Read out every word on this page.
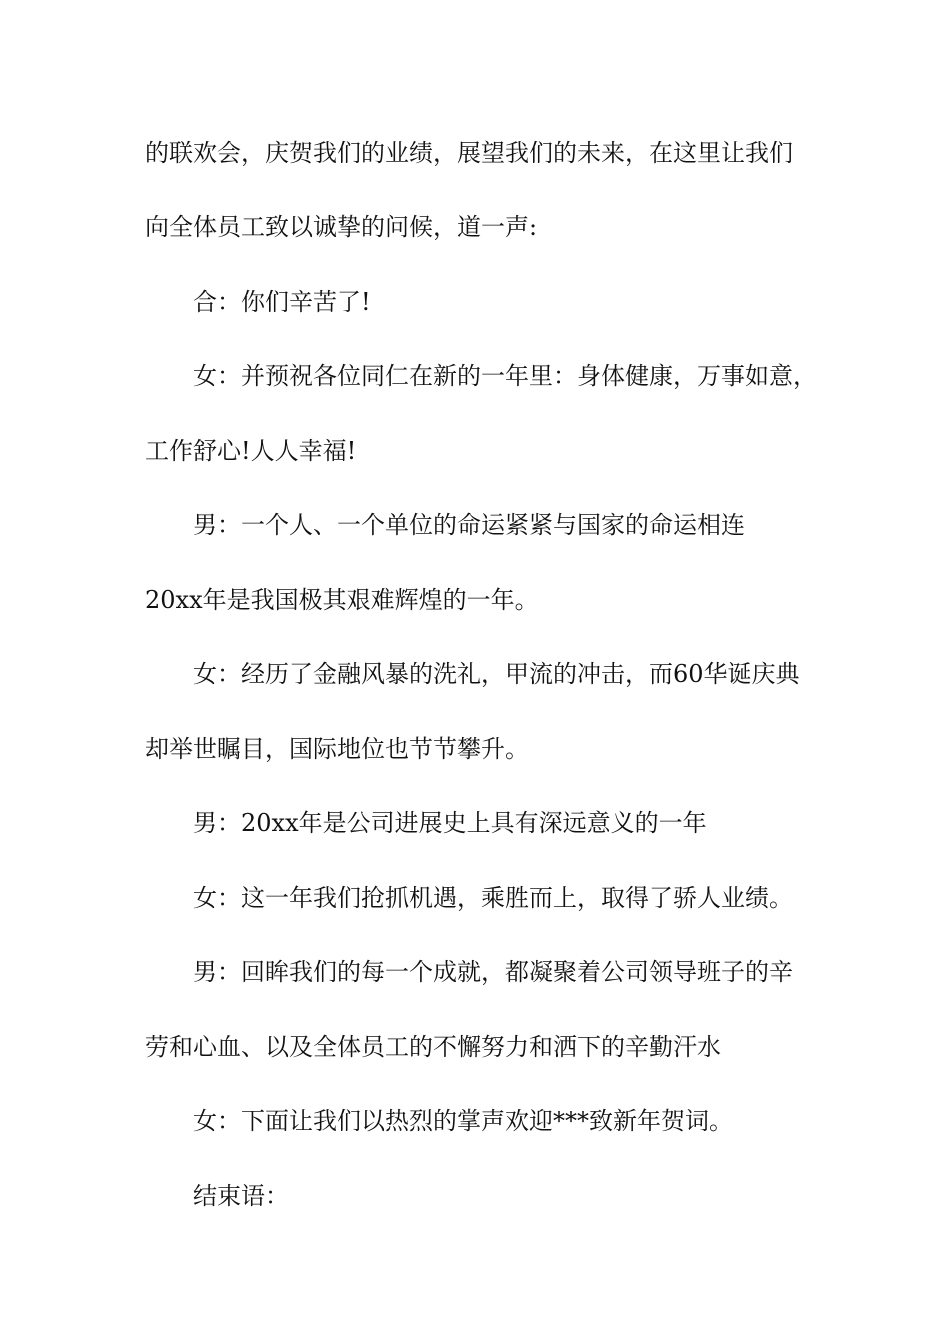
的联欢会，庆贺我们的业绩，展望我们的未来，在这里让我们
向全体员工致以诚挚的问候，道一声:
合：你们辛苦了!
女：并预祝各位同仁在新的一年里：身体健康，万事如意，
工作舒心!人人幸福!
男：一个人、一个单位的命运紧紧与国家的命运相连
20xx年是我国极其艰难辉煌的一年。
女：经历了金融风暴的洗礼，甲流的冲击，而60华诞庆典
却举世瞩目，国际地位也节节攀升。
男：20xx年是公司进展史上具有深远意义的一年
女：这一年我们抢抓机遇，乘胜而上，取得了骄人业绩。
男：回眸我们的每一个成就，都凝聚着公司领导班子的辛
劳和心血、以及全体员工的不懈努力和洒下的辛勤汗水
女：下面让我们以热烈的掌声欢迎***致新年贺词。
结束语：
